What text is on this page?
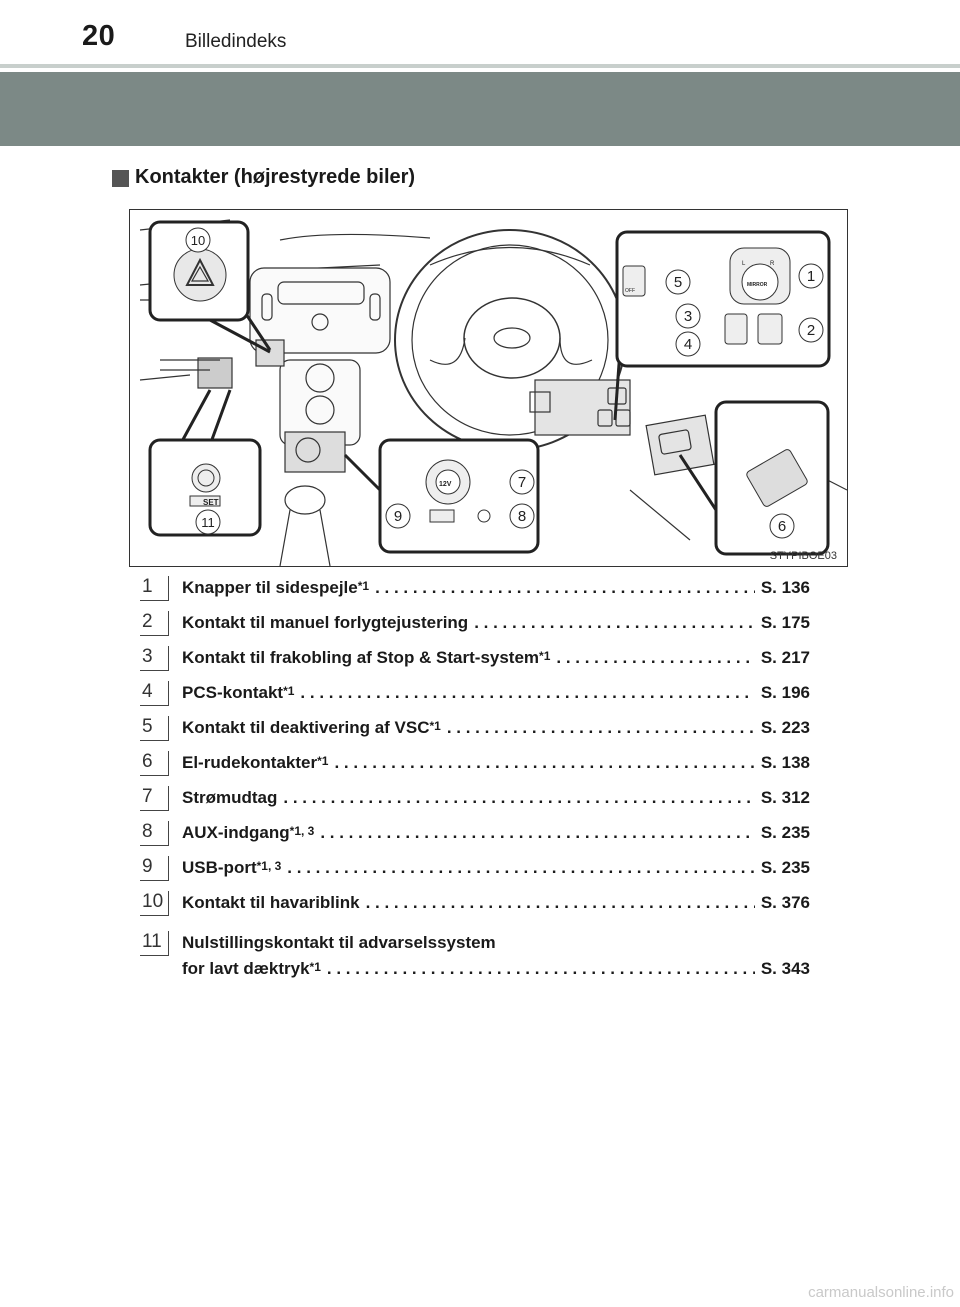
20	Billedindeks
Kontakter (højrestyrede biler)
SET
12V
L	R
MIRROR
OFF
1
2
3
4
5
6
7
8
9
10
11
STYPIBOE03
1	Knapper til sidespejle$^{*1}$ . . .	S. 136
2	Kontakt til manuel forlygtejustering . . .	S. 175
3	Kontakt til frakobling af Stop & Start-system$^{*1}$ . . .	S. 217
4	PCS-kontakt$^{*1}$ . . .	S. 196
5	Kontakt til deaktivering af VSC$^{*1}$ . . .	S. 223
6	El-rudekontakter$^{*1}$ . . .	S. 138
7	Strømudtag . . .	S. 312
8	AUX-indgang$^{*1, 3}$ . . .	S. 235
9	USB-port$^{*1, 3}$ . . .	S. 235
10	Kontakt til havariblink . . .	S. 376
11	Nulstillingskontakt til advarselssystem
for lavt dæktryk$^{*1}$ . . .	S. 343
carmanualsonline.info
